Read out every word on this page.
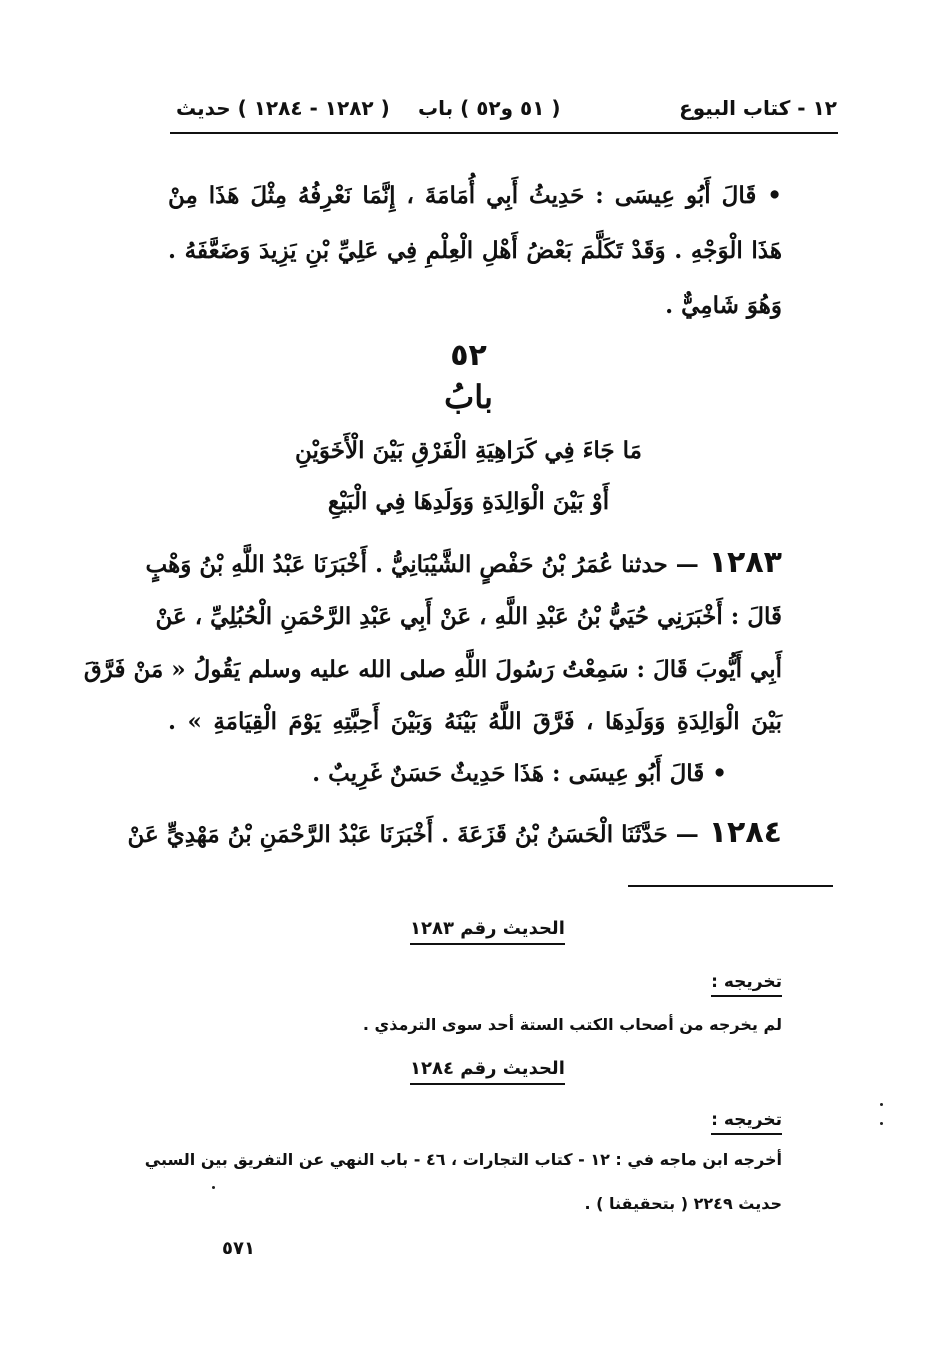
١٢ - كتاب البيوع
( ٥١ و٥٢ ) باب
( ١٢٨٢ - ١٢٨٤ ) حديث
• قَالَ أَبُو عِيسَى : حَدِيثُ أَبِي أُمَامَةَ ، إِنَّمَا نَعْرِفُهُ مِثْلَ هَذَا مِنْ
هَذَا الْوَجْهِ . وَقَدْ تَكَلَّمَ بَعْضُ أَهْلِ الْعِلْمِ فِي عَلِيِّ بْنِ يَزِيدَ وَضَعَّفَهُ .
وَهُوَ شَامِيٌّ .
٥٢
بابُ
مَا جَاءَ فِي كَرَاهِيَةِ الْفَرْقِ بَيْنَ الْأَخَوَيْنِ
أَوْ بَيْنَ الْوَالِدَةِ وَوَلَدِهَا فِي الْبَيْعِ
١٢٨٣
— حدثنا عُمَرُ بْنُ حَفْصٍ الشَّيْبَانِيُّ . أَخْبَرَنَا عَبْدُ اللَّهِ بْنُ وَهْبٍ
قَالَ : أَخْبَرَنِي حُيَيُّ بْنُ عَبْدِ اللَّهِ ، عَنْ أَبِي عَبْدِ الرَّحْمَنِ الْحُبُلِيِّ ، عَنْ
أَبِي أَيُّوبَ قَالَ : سَمِعْتُ رَسُولَ اللَّهِ صلى الله عليه وسلم يَقُولُ « مَنْ فَرَّقَ
بَيْنَ الْوَالِدَةِ وَوَلَدِهَا ، فَرَّقَ اللَّهُ بَيْنَهُ وَبَيْنَ أَحِبَّتِهِ يَوْمَ الْقِيَامَةِ » .
• قَالَ أَبُو عِيسَى : هَذَا حَدِيثٌ حَسَنٌ غَرِيبٌ .
١٢٨٤
— حَدَّثَنَا الْحَسَنُ بْنُ قَزَعَةَ . أَخْبَرَنَا عَبْدُ الرَّحْمَنِ بْنُ مَهْدِيٍّ عَنْ
الحديث رقم ١٢٨٣
تخريجه :
لم يخرجه من أصحاب الكتب الستة أحد سوى الترمذي .
الحديث رقم ١٢٨٤
تخريجه :
أخرجه ابن ماجه في : ١٢ - كتاب التجارات ، ٤٦ - باب النهي عن التفريق بين السبي
حديث ٢٢٤٩ ( بتحقيقنا ) .
٥٧١
